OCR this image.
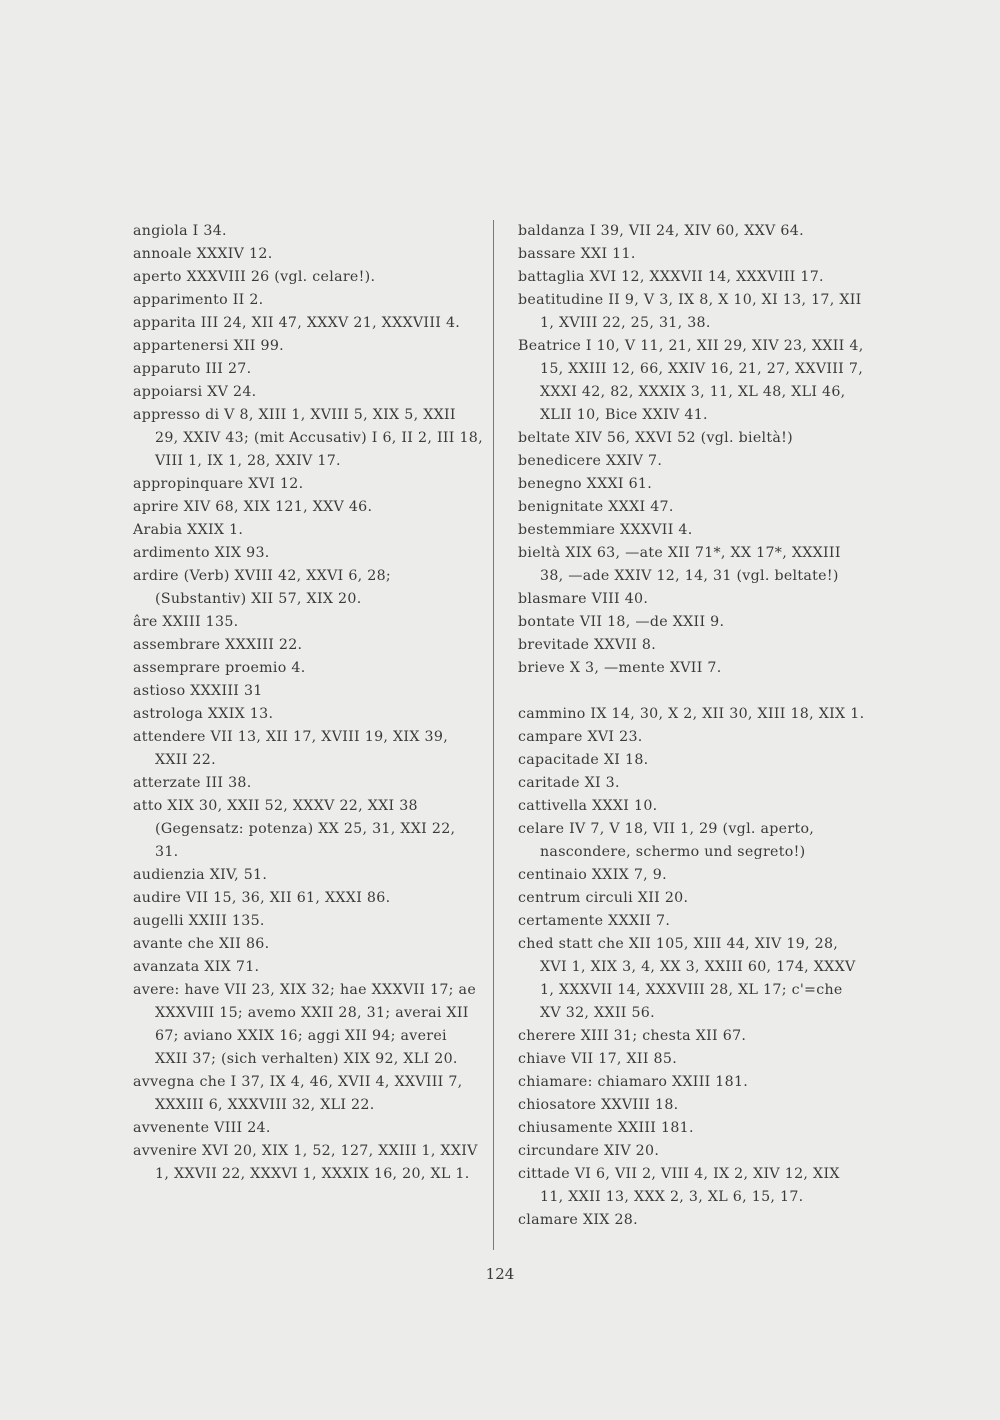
angiola I 34.
annoale XXXIV 12.
aperto XXXVIII 26 (vgl. celare!).
apparimento II 2.
apparita III 24, XII 47, XXXV 21, XXXVIII 4.
appartenersi XII 99.
apparuto III 27.
appoiarsi XV 24.
appresso di V 8, XIII 1, XVIII 5, XIX 5, XXII 29, XXIV 43; (mit Accusativ) I 6, II 2, III 18, VIII 1, IX 1, 28, XXIV 17.
appropinquare XVI 12.
aprire XIV 68, XIX 121, XXV 46.
Arabia XXIX 1.
ardimento XIX 93.
ardire (Verb) XVIII 42, XXVI 6, 28; (Substantiv) XII 57, XIX 20.
âre XXIII 135.
assembrare XXXIII 22.
assemprare proemio 4.
astioso XXXIII 31
astrologa XXIX 13.
attendere VII 13, XII 17, XVIII 19, XIX 39, XXII 22.
atterzate III 38.
atto XIX 30, XXII 52, XXXV 22, XXI 38 (Gegensatz: potenza) XX 25, 31, XXI 22, 31.
audienzia XIV, 51.
audire VII 15, 36, XII 61, XXXI 86.
augelli XXIII 135.
avante che XII 86.
avanzata XIX 71.
avere: have VII 23, XIX 32; hae XXXVII 17; ae XXXVIII 15; avemo XXII 28, 31; averai XII 67; aviano XXIX 16; aggi XII 94; averei XXII 37; (sich verhalten) XIX 92, XLI 20.
avvegna che I 37, IX 4, 46, XVII 4, XXVIII 7, XXXIII 6, XXXVIII 32, XLI 22.
avvenente VIII 24.
avvenire XVI 20, XIX 1, 52, 127, XXIII 1, XXIV 1, XXVII 22, XXXVI 1, XXXIX 16, 20, XL 1.
baldanza I 39, VII 24, XIV 60, XXV 64.
bassare XXI 11.
battaglia XVI 12, XXXVII 14, XXXVIII 17.
beatitudine II 9, V 3, IX 8, X 10, XI 13, 17, XII 1, XVIII 22, 25, 31, 38.
Beatrice I 10, V 11, 21, XII 29, XIV 23, XXII 4, 15, XXIII 12, 66, XXIV 16, 21, 27, XXVIII 7, XXXI 42, 82, XXXIX 3, 11, XL 48, XLI 46, XLII 10, Bice XXIV 41.
beltate XIV 56, XXVI 52 (vgl. bieltà!)
benedicere XXIV 7.
benegno XXXI 61.
benignitate XXXI 47.
bestemmiare XXXVII 4.
bieltà XIX 63, —ate XII 71*, XX 17*, XXXIII 38, —ade XXIV 12, 14, 31 (vgl. beltate!)
blasmare VIII 40.
bontate VII 18, —de XXII 9.
brevitade XXVII 8.
brieve X 3, —mente XVII 7.
cammino IX 14, 30, X 2, XII 30, XIII 18, XIX 1.
campare XVI 23.
capacitade XI 18.
caritade XI 3.
cattivella XXXI 10.
celare IV 7, V 18, VII 1, 29 (vgl. aperto, nascondere, schermo und segreto!)
centinaio XXIX 7, 9.
centrum circuli XII 20.
certamente XXXII 7.
ched statt che XII 105, XIII 44, XIV 19, 28, XVI 1, XIX 3, 4, XX 3, XXIII 60, 174, XXXV 1, XXXVII 14, XXXVIII 28, XL 17; c'=che XV 32, XXII 56.
cherere XIII 31; chesta XII 67.
chiave VII 17, XII 85.
chiamare: chiamaro XXIII 181.
chiosatore XXVIII 18.
chiusamente XXIII 181.
circundare XIV 20.
cittade VI 6, VII 2, VIII 4, IX 2, XIV 12, XIX 11, XXII 13, XXX 2, 3, XL 6, 15, 17.
clamare XIX 28.
124
